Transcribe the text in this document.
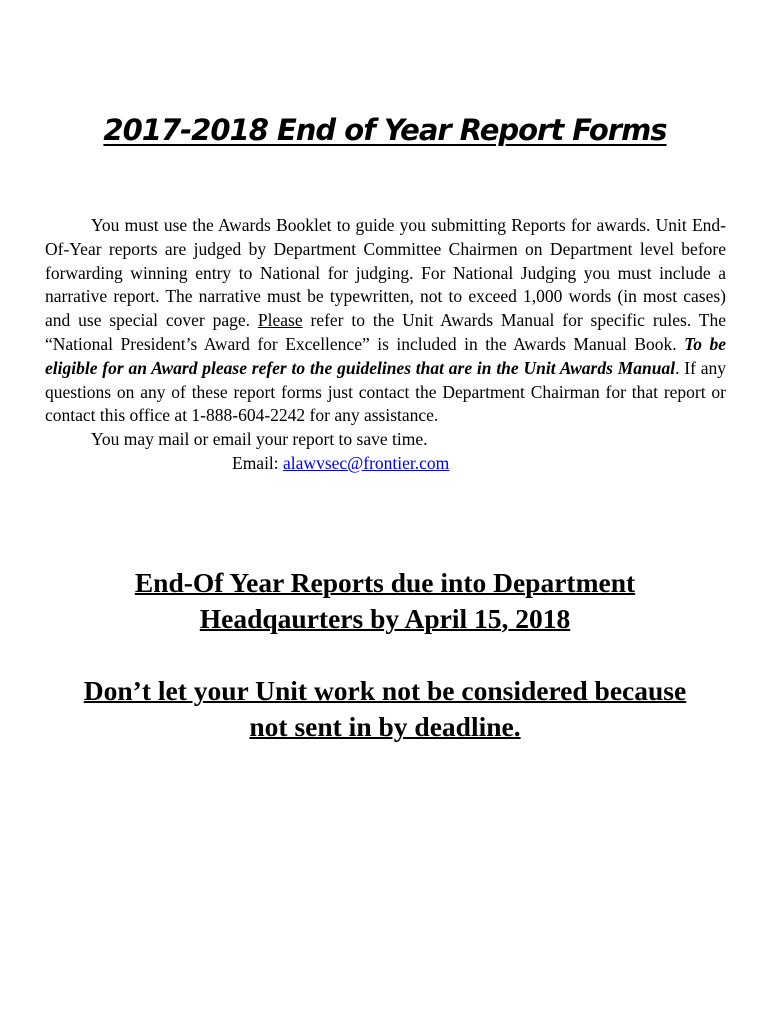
2017-2018 End of Year Report Forms

You must use the Awards Booklet to guide you submitting Reports for awards. Unit End-Of-Year reports are judged by Department Committee Chairmen on Department level before forwarding winning entry to National for judging. For National Judging you must include a narrative report. The narrative must be typewritten, not to exceed 1,000 words (in most cases) and use special cover page. Please refer to the Unit Awards Manual for specific rules. The “National President’s Award for Excellence” is included in the Awards Manual Book. To be eligible for an Award please refer to the guidelines that are in the Unit Awards Manual. If any questions on any of these report forms just contact the Department Chairman for that report or contact this office at 1-888-604-2242 for any assistance.

You may mail or email your report to save time.

Email: alawvsec@frontier.com

End-Of Year Reports due into Department
Headqaurters by April 15, 2018
Don’t let your Unit work not be considered because
not sent in by deadline.
